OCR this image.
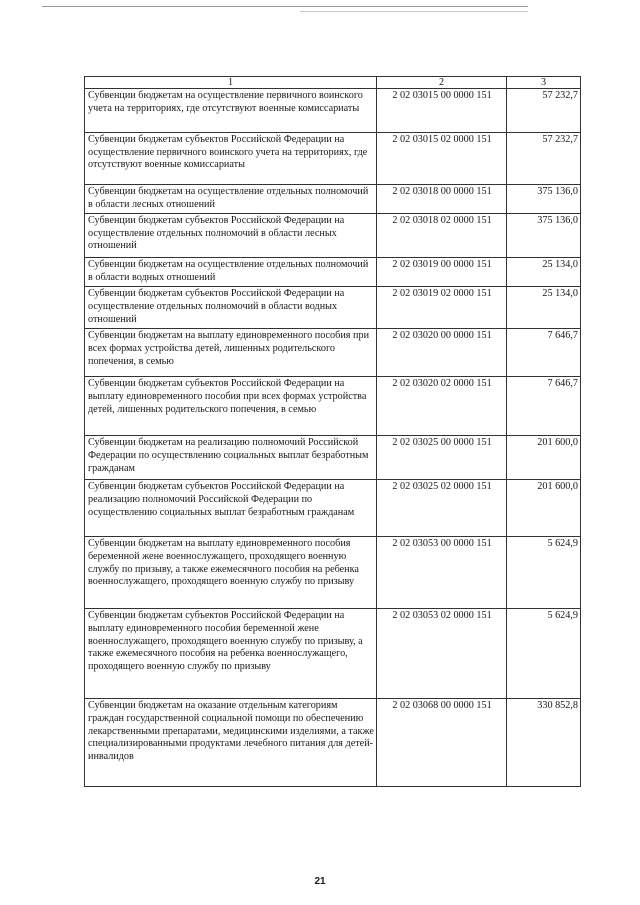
1	2	3
Субвенции бюджетам на осуществление первичного воинского учета на территориях, где отсутствуют военные комиссариаты	2 02 03015 00 0000 151	57 232,7
Субвенции бюджетам субъектов Российской Федерации на осуществление первичного воинского учета на территориях, где отсутствуют военные комиссариаты	2 02 03015 02 0000 151	57 232,7
Субвенции бюджетам на осуществление отдельных полномочий в области лесных отношений	2 02 03018 00 0000 151	375 136,0
Субвенции бюджетам субъектов Российской Федерации на осуществление отдельных полномочий в области лесных отношений	2 02 03018 02 0000 151	375 136,0
Субвенции бюджетам на осуществление отдельных полномочий в области водных отношений	2 02 03019 00 0000 151	25 134,0
Субвенции бюджетам субъектов Российской Федерации на осуществление отдельных полномочий в области водных отношений	2 02 03019 02 0000 151	25 134,0
Субвенции бюджетам на выплату единовременного пособия при всех формах устройства детей, лишенных родительского попечения, в семью	2 02 03020 00 0000 151	7 646,7
Субвенции бюджетам субъектов Российской Федерации на выплату единовременного пособия при всех формах устройства детей, лишенных родительского попечения, в семью	2 02 03020 02 0000 151	7 646,7
Субвенции бюджетам на реализацию полномочий Российской Федерации по осуществлению социальных выплат безработным гражданам	2 02 03025 00 0000 151	201 600,0
Субвенции бюджетам субъектов Российской Федерации на реализацию полномочий Российской Федерации по осуществлению социальных выплат безработным гражданам	2 02 03025 02 0000 151	201 600,0
Субвенции бюджетам на выплату единовременного пособия беременной жене военнослужащего, проходящего военную службу по призыву, а также ежемесячного пособия на ребенка военнослужащего, проходящего военную службу по призыву	2 02 03053 00 0000 151	5 624,9
Субвенции бюджетам субъектов Российской Федерации на выплату единовременного пособия беременной жене военнослужащего, проходящего военную службу по призыву, а также ежемесячного пособия на ребенка военнослужащего, проходящего военную службу по призыву	2 02 03053 02 0000 151	5 624,9
Субвенции бюджетам на оказание отдельным категориям граждан государственной социальной помощи по обеспечению лекарственными препаратами, медицинскими изделиями, а также специализированными продуктами лечебного питания для детей-инвалидов	2 02 03068 00 0000 151	330 852,8
21
